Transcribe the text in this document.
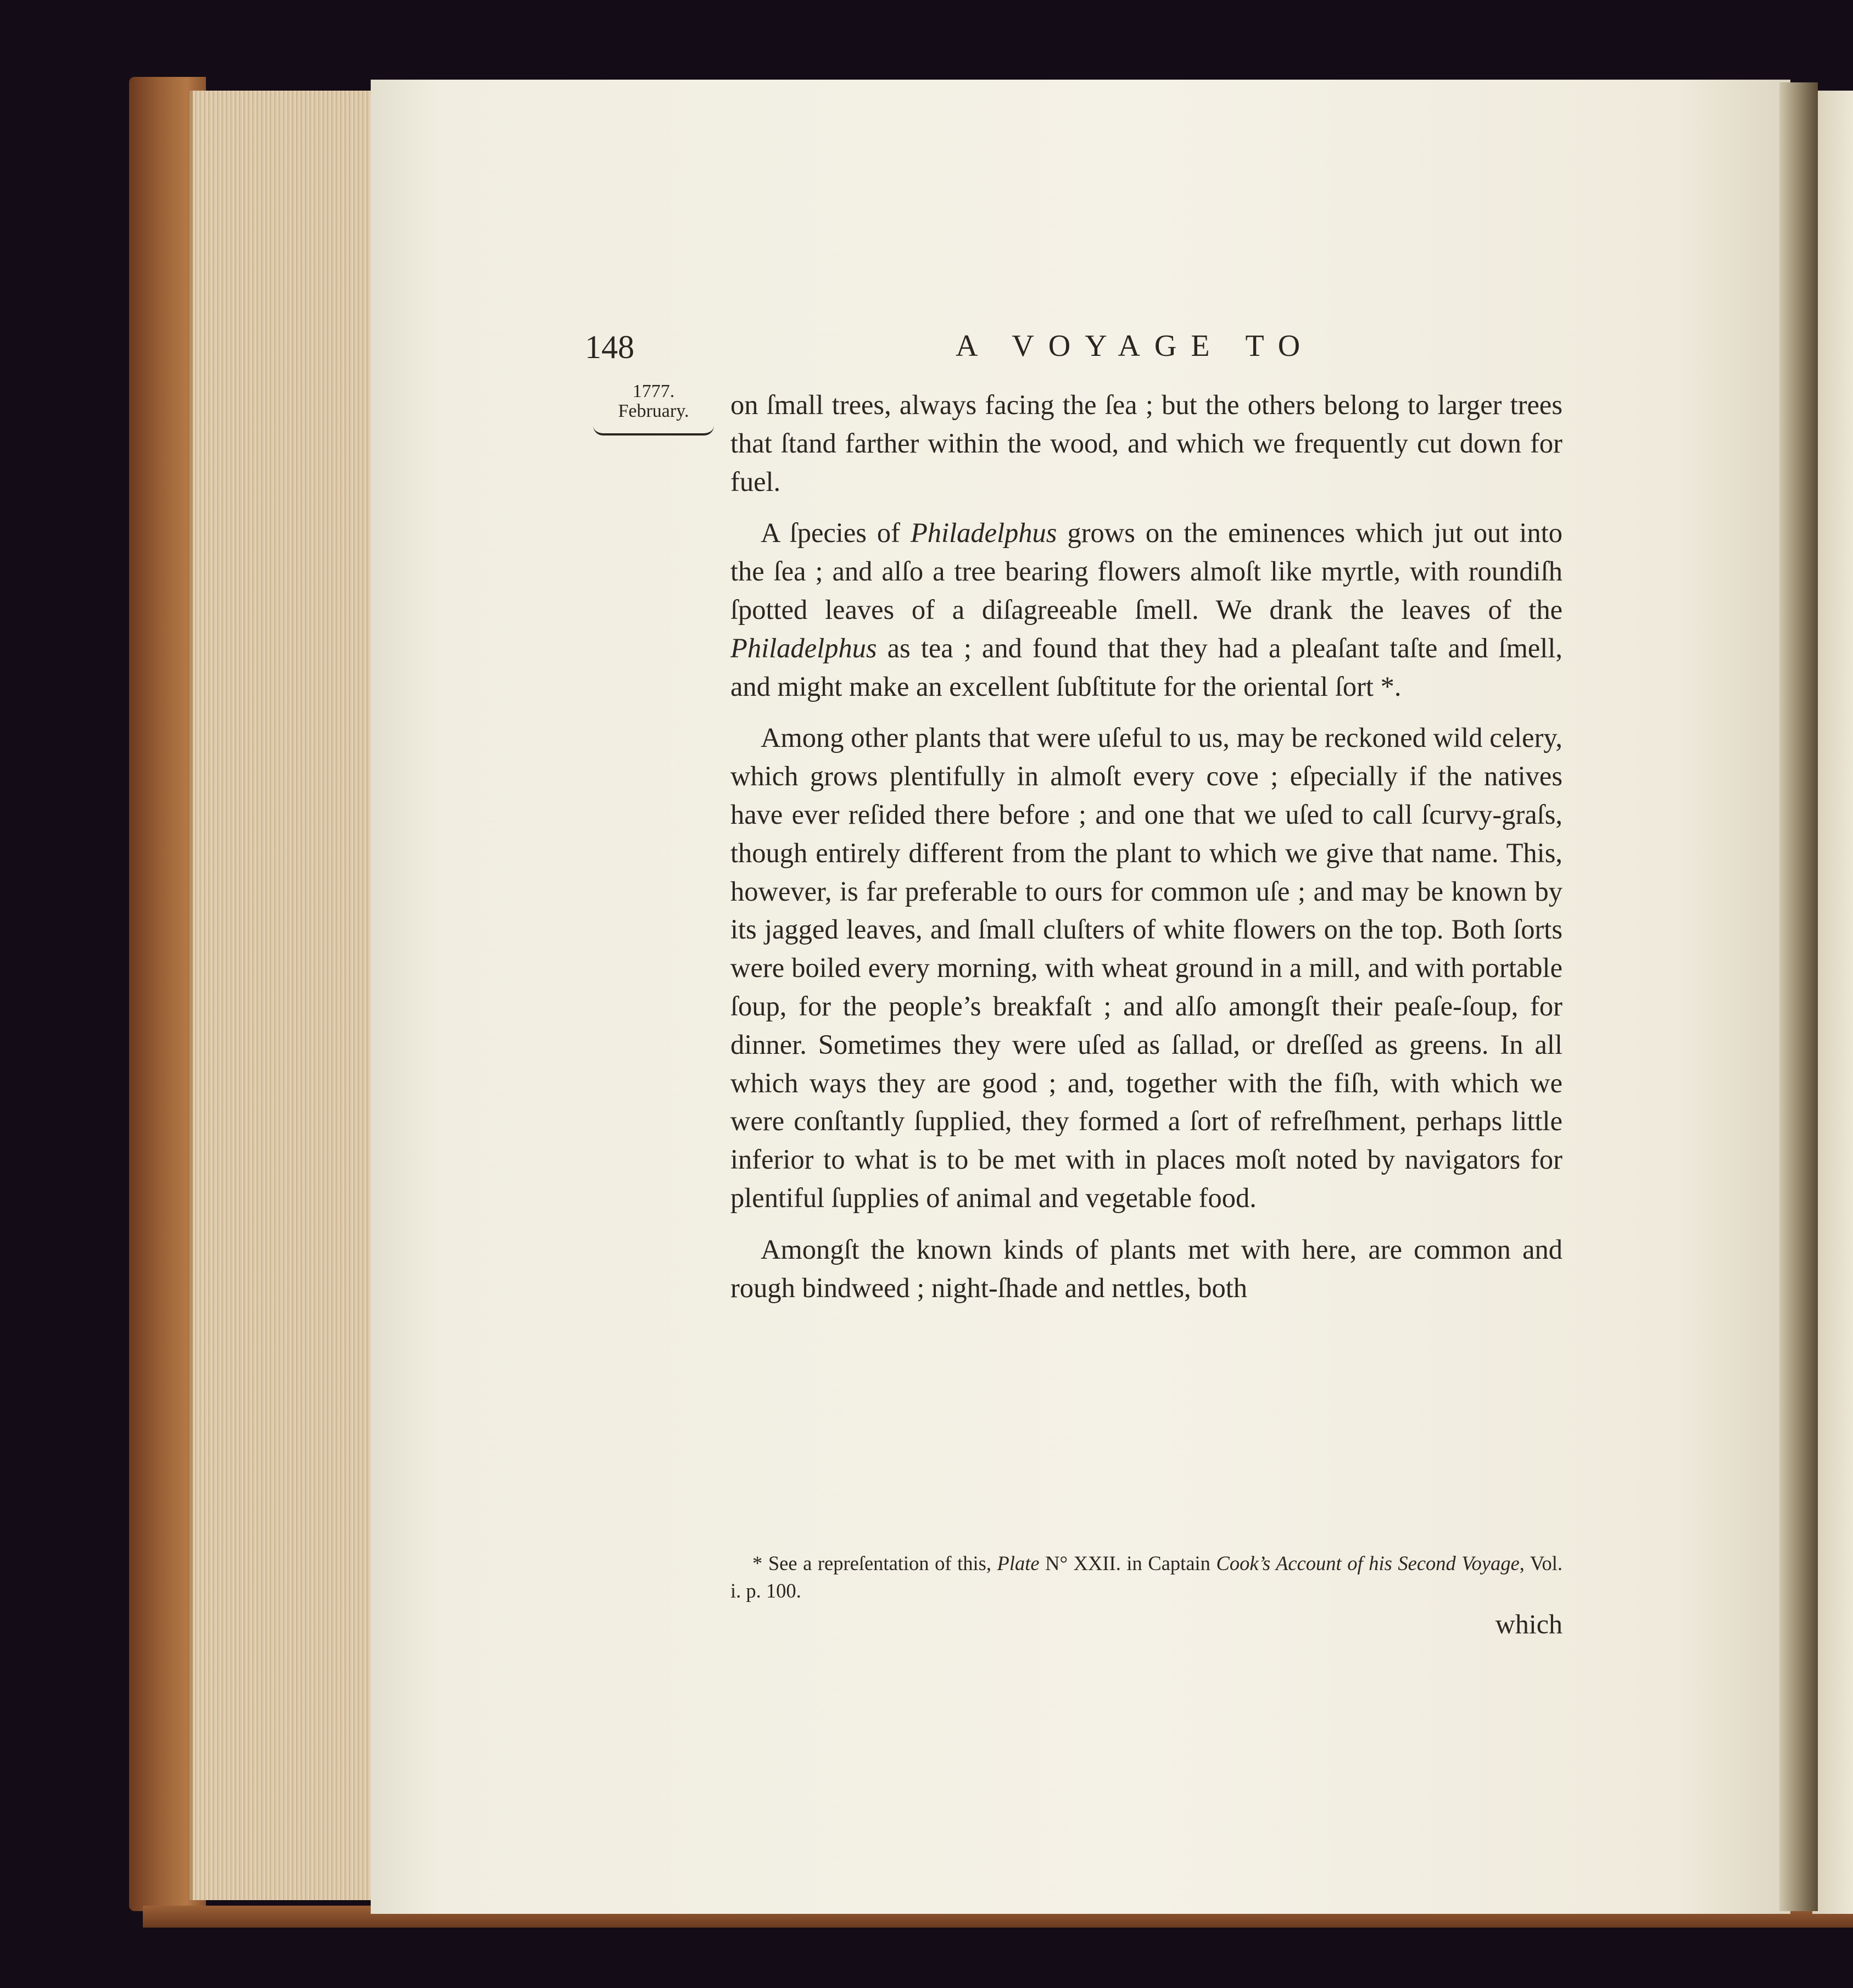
148	A VOYAGE TO
1777.
February.	on ſmall trees, always facing the ſea ; but the others belong to larger trees that ſtand farther within the wood, and which we frequently cut down for fuel.

A ſpecies of Philadelphus grows on the eminences which jut out into the ſea ; and alſo a tree bearing flowers almoſt like myrtle, with roundiſh ſpotted leaves of a diſagreeable ſmell. We drank the leaves of the Philadelphus as tea ; and found that they had a pleaſant taſte and ſmell, and might make an excellent ſubſtitute for the oriental ſort *.

Among other plants that were uſeful to us, may be reckoned wild celery, which grows plentifully in almoſt every cove ; eſpecially if the natives have ever reſided there before ; and one that we uſed to call ſcurvy-graſs, though entirely different from the plant to which we give that name. This, however, is far preferable to ours for common uſe ; and may be known by its jagged leaves, and ſmall cluſters of white flowers on the top. Both ſorts were boiled every morning, with wheat ground in a mill, and with portable ſoup, for the people’s breakfaſt ; and alſo amongſt their peaſe-ſoup, for dinner. Sometimes they were uſed as ſallad, or dreſſed as greens. In all which ways they are good ; and, together with the fiſh, with which we were conſtantly ſupplied, they formed a ſort of refreſhment, perhaps little inferior to what is to be met with in places moſt noted by navigators for plentiful ſupplies of animal and vegetable food.

Amongſt the known kinds of plants met with here, are common and rough bindweed ; night-ſhade and nettles, both

* See a repreſentation of this, Plate N° XXII. in Captain Cook’s Account of his Second Voyage, Vol. i. p. 100.

which
